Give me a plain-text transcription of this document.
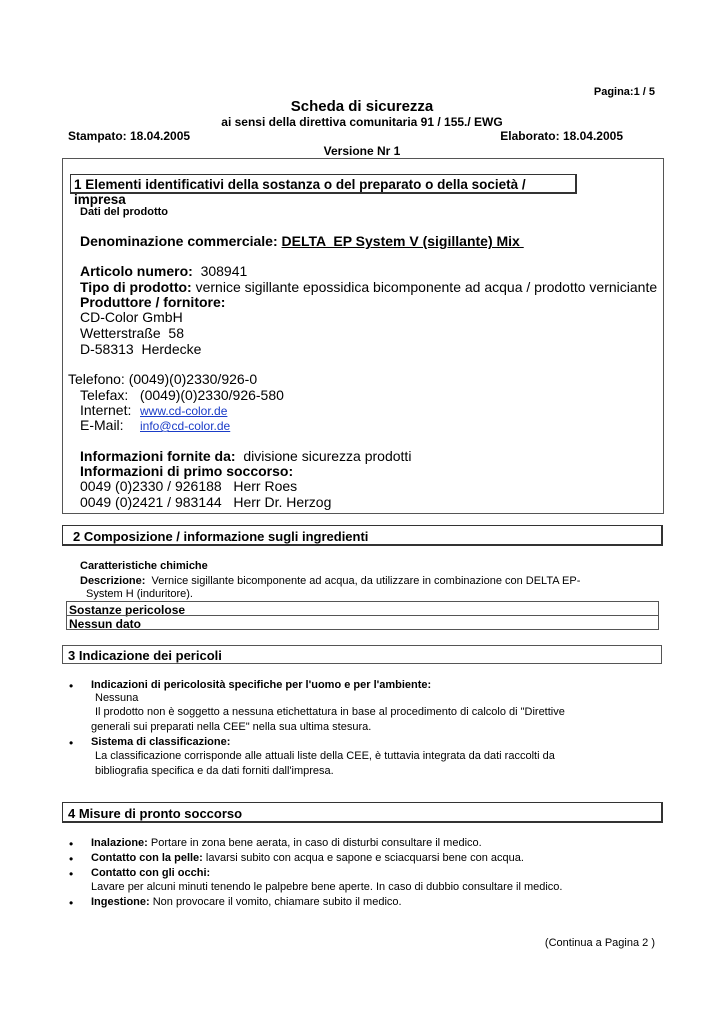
Pagina:1 / 5
Scheda di sicurezza
ai sensi della direttiva comunitaria 91 / 155./ EWG
Stampato: 18.04.2005	Elaborato: 18.04.2005
Versione Nr 1
1 Elementi identificativi della sostanza o del preparato o della società / impresa
Dati del prodotto
Denominazione commerciale: DELTA  EP System V (sigillante) Mix
Articolo numero: 308941
Tipo di prodotto: vernice sigillante epossidica bicomponente ad acqua / prodotto verniciante
Produttore / fornitore:
CD-Color GmbH
Wetterstraße  58
D-58313  Herdecke
Telefono: (0049)(0)2330/926-0
Telefax: (0049)(0)2330/926-580
Internet: www.cd-color.de
E-Mail: info@cd-color.de
Informazioni fornite da: divisione sicurezza prodotti
Informazioni di primo soccorso:
0049 (0)2330 / 926188   Herr Roes
0049 (0)2421 / 983144   Herr Dr. Herzog
2 Composizione / informazione sugli ingredienti
Caratteristiche chimiche
Descrizione: Vernice sigillante bicomponente ad acqua, da utilizzare in combinazione con DELTA EP-
System H (induritore).
Sostanze pericolose
Nessun dato
3 Indicazione dei pericoli
• Indicazioni di pericolosità specifiche per l'uomo e per l'ambiente:
Nessuna
Il prodotto non è soggetto a nessuna etichettatura in base al procedimento di calcolo di "Direttive
generali sui preparati nella CEE" nella sua ultima stesura.
• Sistema di classificazione:
La classificazione corrisponde alle attuali liste della CEE, è tuttavia integrata da dati raccolti da
bibliografia specifica e da dati forniti dall'impresa.
4 Misure di pronto soccorso
• Inalazione: Portare in zona bene aerata, in caso di disturbi consultare il medico.
• Contatto con la pelle: lavarsi subito con acqua e sapone e sciacquarsi bene con acqua.
• Contatto con gli occhi:
Lavare per alcuni minuti tenendo le palpebre bene aperte. In caso di dubbio consultare il medico.
• Ingestione: Non provocare il vomito, chiamare subito il medico.
(Continua a Pagina 2 )
